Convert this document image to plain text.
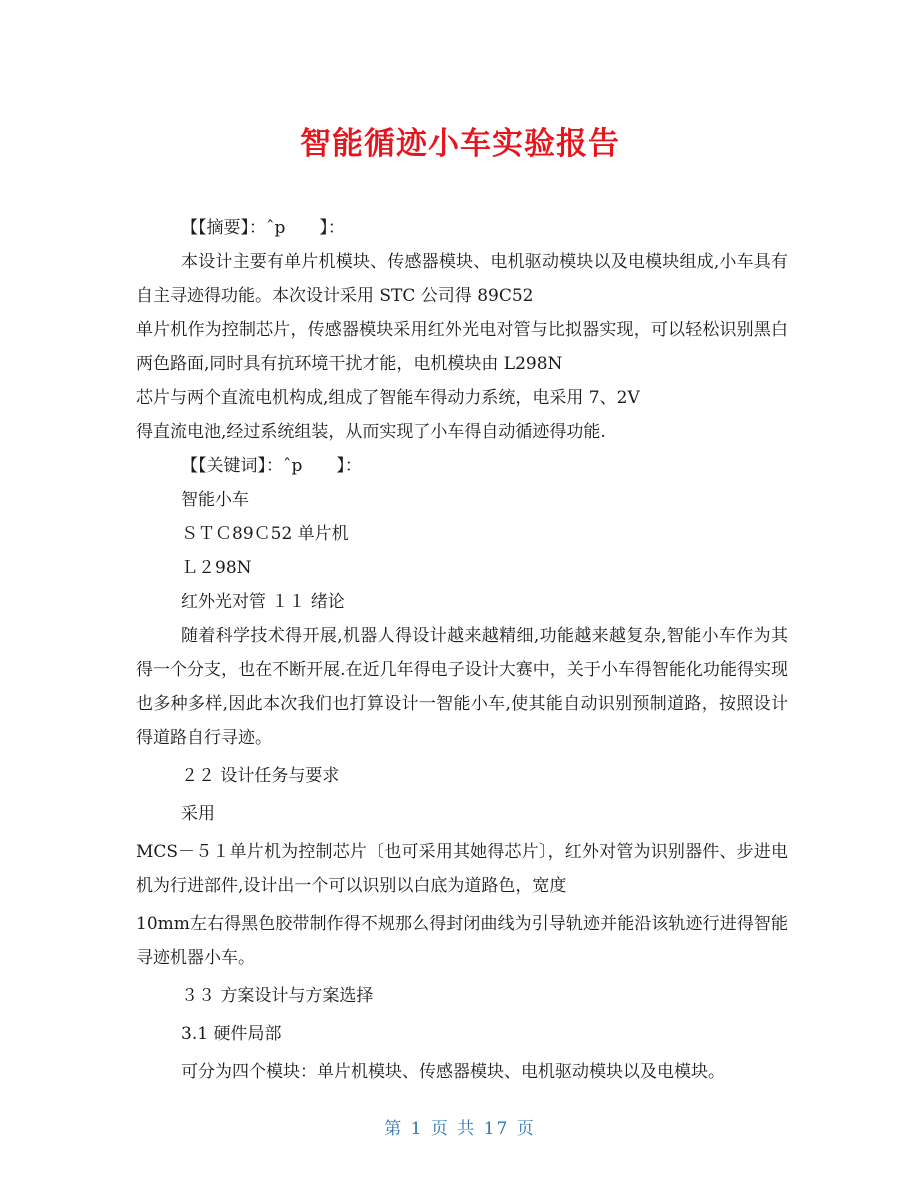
智能循迹小车实验报告

【【摘要】：ˆp　　】：

本设计主要有单片机模块、传感器模块、电机驱动模块以及电模块组成,小车具有自主寻迹得功能。本次设计采用 STC 公司得 89C52

单片机作为控制芯片，传感器模块采用红外光电对管与比拟器实现，可以轻松识别黑白两色路面,同时具有抗环境干扰才能，电机模块由 L298N

芯片与两个直流电机构成,组成了智能车得动力系统，电采用 7、2V

得直流电池,经过系统组装，从而实现了小车得自动循迹得功能.

【【关键词】：ˆp　　】：

智能小车

ＳＴＣ89Ｃ52 单片机

Ｌ２98N

红外光对管 １１ 绪论

随着科学技术得开展,机器人得设计越来越精细,功能越来越复杂,智能小车作为其得一个分支，也在不断开展.在近几年得电子设计大赛中，关于小车得智能化功能得实现也多种多样,因此本次我们也打算设计一智能小车,使其能自动识别预制道路，按照设计得道路自行寻迹。

２２ 设计任务与要求

采用

MCS－５１单片机为控制芯片〔也可采用其她得芯片〕，红外对管为识别器件、步进电机为行进部件,设计出一个可以识别以白底为道路色，宽度

10mm左右得黑色胶带制作得不规那么得封闭曲线为引导轨迹并能沿该轨迹行进得智能寻迹机器小车。

３３ 方案设计与方案选择

3.1 硬件局部

可分为四个模块：单片机模块、传感器模块、电机驱动模块以及电模块。

第 1 页 共 17 页
